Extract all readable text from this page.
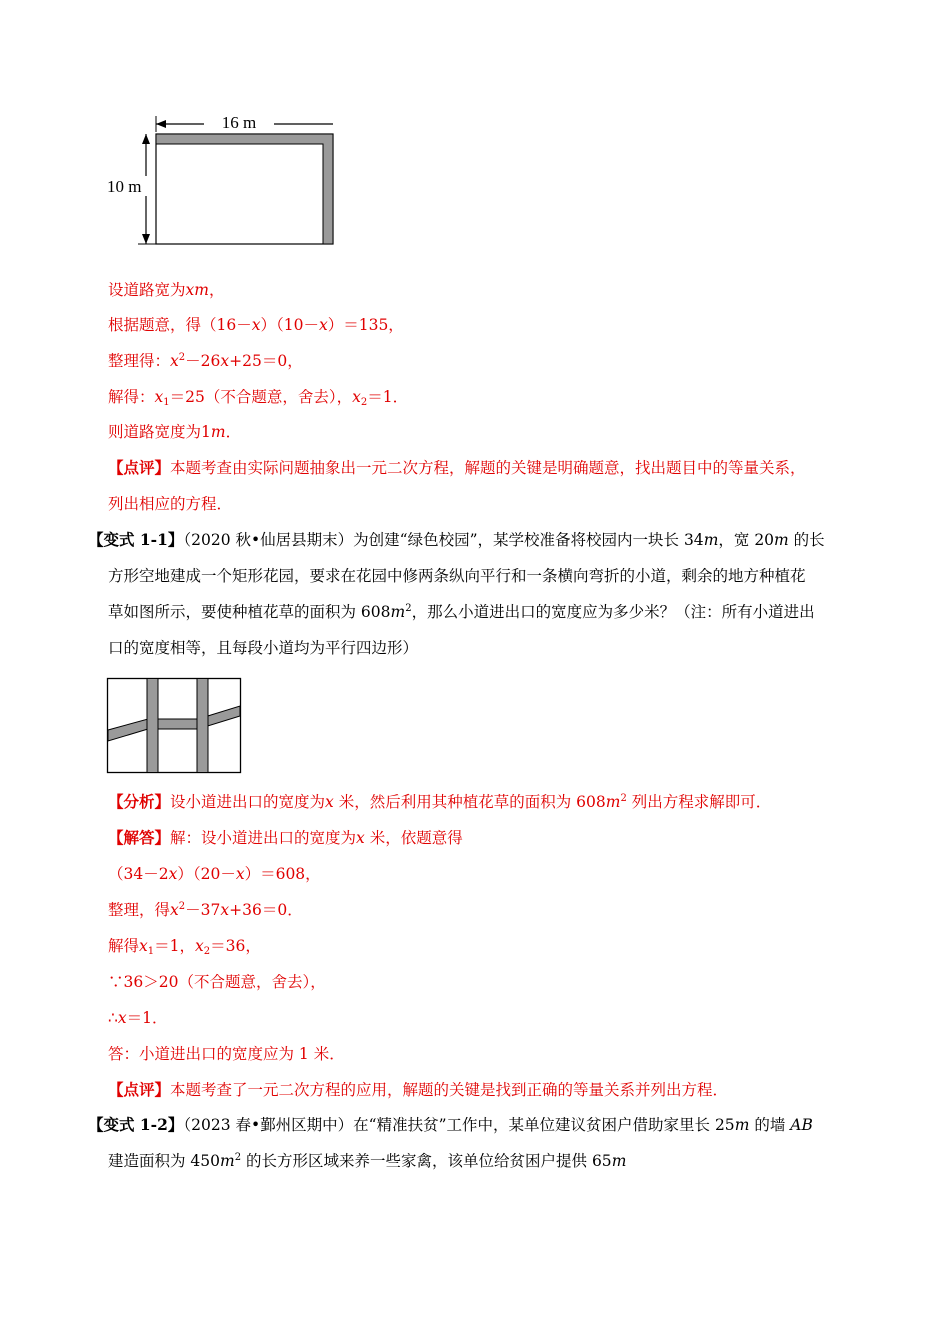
16 m
10 m
设道路宽为xm，
根据题意，得（16－x）（10－x）＝135，
整理得：$x^2-26x+25=0$，
解得：$x_1=25$（不合题意，舍去），$x_2=1$．
则道路宽度为1m．
【点评】本题考查由实际问题抽象出一元二次方程，解题的关键是明确题意，找出题目中的等量关系，
列出相应的方程．
【变式 1-1】（2020 秋•仙居县期末）为创建“绿色校园”，某学校准备将校园内一块长 34m，宽 20m 的长
方形空地建成一个矩形花园，要求在花园中修两条纵向平行和一条横向弯折的小道，剩余的地方种植花
草如图所示，要使种植花草的面积为 $608m^2$，那么小道进出口的宽度应为多少米？（注：所有小道进出
口的宽度相等，且每段小道均为平行四边形）
【分析】设小道进出口的宽度为x 米，然后利用其种植花草的面积为 $608m^2$ 列出方程求解即可．
【解答】解：设小道进出口的宽度为x 米，依题意得
（34－2x）（20－x）＝608，
整理，得$x^2-37x+36=0$．
解得$x_1=1$，$x_2=36$，
∵36＞20（不合题意，舍去），
∴x＝1．
答：小道进出口的宽度应为 1 米．
【点评】本题考查了一元二次方程的应用，解题的关键是找到正确的等量关系并列出方程．
【变式 1-2】（2023 春•鄞州区期中）在“精准扶贫”工作中，某单位建议贫困户借助家里长 25m 的墙 AB
建造面积为 $450m^2$ 的长方形区域来养一些家禽，该单位给贫困户提供 65m
